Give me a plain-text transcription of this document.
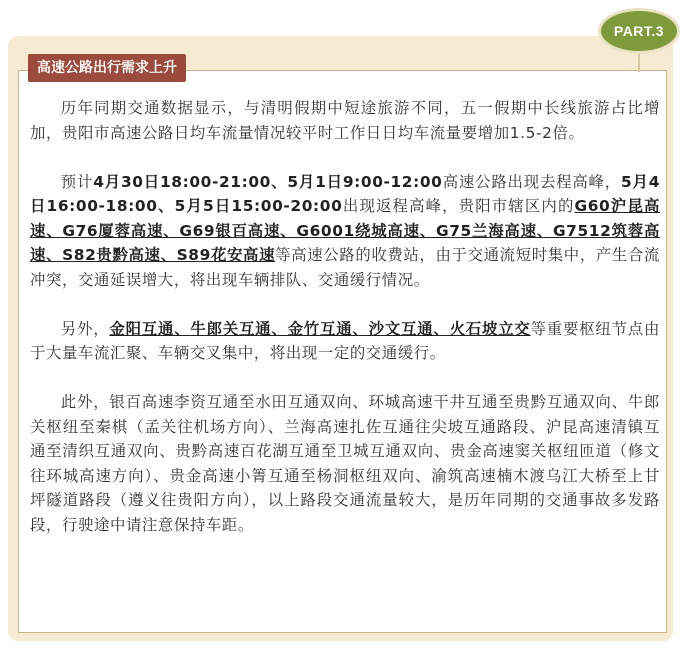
PART.3
高速公路出行需求上升

历年同期交通数据显示，与清明假期中短途旅游不同，五一假期中长线旅游占比增加，贵阳市高速公路日均车流量情况较平时工作日日均车流量要增加1.5-2倍。

预计4月30日18:00-21:00、5月1日9:00-12:00高速公路出现去程高峰，5月4日16:00-18:00、5月5日15:00-20:00出现返程高峰，贵阳市辖区内的G60沪昆高速、G76厦蓉高速、G69银百高速、G6001绕城高速、G75兰海高速、G7512筑蓉高速、S82贵黔高速、S89花安高速等高速公路的收费站，由于交通流短时集中，产生合流冲突，交通延误增大，将出现车辆排队、交通缓行情况。

另外，金阳互通、牛郎关互通、金竹互通、沙文互通、火石坡立交等重要枢纽节点由于大量车流汇聚、车辆交叉集中，将出现一定的交通缓行。

此外，银百高速李资互通至水田互通双向、环城高速干井互通至贵黔互通双向、牛郎关枢纽至秦棋（孟关往机场方向）、兰海高速扎佐互通往尖坡互通路段、沪昆高速清镇互通至清织互通双向、贵黔高速百花湖互通至卫城互通双向、贵金高速窦关枢纽匝道（修文往环城高速方向）、贵金高速小箐互通至杨洞枢纽双向、渝筑高速楠木渡乌江大桥至上甘坪隧道路段（遵义往贵阳方向），以上路段交通流量较大，是历年同期的交通事故多发路段，行驶途中请注意保持车距。
